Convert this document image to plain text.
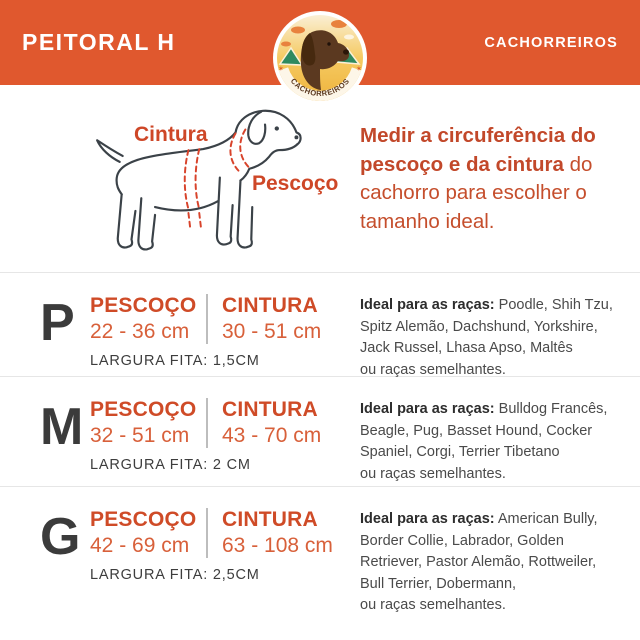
PEITORAL H	CACHORREIROS
CACHORREIROS
✶	✶
Cintura
Pescoço
Medir a circuferência do
pescoço e da cintura do
cachorro para escolher o
tamanho ideal.
P PESCOÇO
22 - 36 cm
CINTURA
30 - 51 cm
LARGURA FITA: 1,5CM
Ideal para as raças: Poodle, Shih Tzu,
Spitz Alemão, Dachshund, Yorkshire,
Jack Russel, Lhasa Apso, Maltês
ou raças semelhantes.
M PESCOÇO
32 - 51 cm
CINTURA
43 - 70 cm
LARGURA FITA: 2 CM
Ideal para as raças: Bulldog Francês,
Beagle, Pug, Basset Hound, Cocker
Spaniel, Corgi, Terrier Tibetano
ou raças semelhantes.
G PESCOÇO
42 - 69 cm
CINTURA
63 - 108 cm
LARGURA FITA: 2,5CM
Ideal para as raças: American Bully,
Border Collie, Labrador, Golden
Retriever, Pastor Alemão, Rottweiler,
Bull Terrier, Dobermann,
ou raças semelhantes.
